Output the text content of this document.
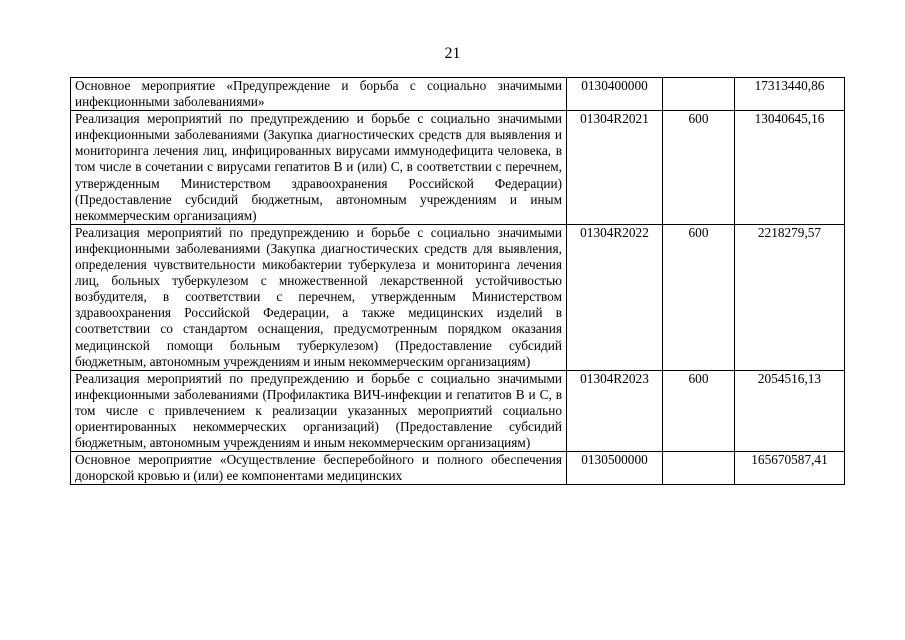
21
Основное мероприятие «Предупреждение и борьба с социально значимыми инфекционными заболеваниями»	0130400000		17313440,86
Реализация мероприятий по предупреждению и борьбе с социально значимыми инфекционными заболеваниями (Закупка диагностических средств для выявления и мониторинга лечения лиц, инфицированных вирусами иммунодефицита человека, в том числе в сочетании с вирусами гепатитов В и (или) С, в соответствии с перечнем, утвержденным Министерством здравоохранения Российской Федерации) (Предоставление субсидий бюджетным, автономным учреждениям и иным некоммерческим организациям)	01304R2021	600	13040645,16
Реализация мероприятий по предупреждению и борьбе с социально значимыми инфекционными заболеваниями (Закупка диагностических средств для выявления, определения чувствительности микобактерии туберкулеза и мониторинга лечения лиц, больных туберкулезом с множественной лекарственной устойчивостью возбудителя, в соответствии с перечнем, утвержденным Министерством здравоохранения Российской Федерации, а также медицинских изделий в соответствии со стандартом оснащения, предусмотренным порядком оказания медицинской помощи больным туберкулезом) (Предоставление субсидий бюджетным, автономным учреждениям и иным некоммерческим организациям)	01304R2022	600	2218279,57
Реализация мероприятий по предупреждению и борьбе с социально значимыми инфекционными заболеваниями (Профилактика ВИЧ-инфекции и гепатитов В и С, в том числе с привлечением к реализации указанных мероприятий социально ориентированных некоммерческих организаций) (Предоставление субсидий бюджетным, автономным учреждениям и иным некоммерческим организациям)	01304R2023	600	2054516,13

Основное мероприятие «Осуществление бесперебойного и полного обеспечения донорской кровью и (или) ее компонентами медицинских	0130500000		165670587,41
